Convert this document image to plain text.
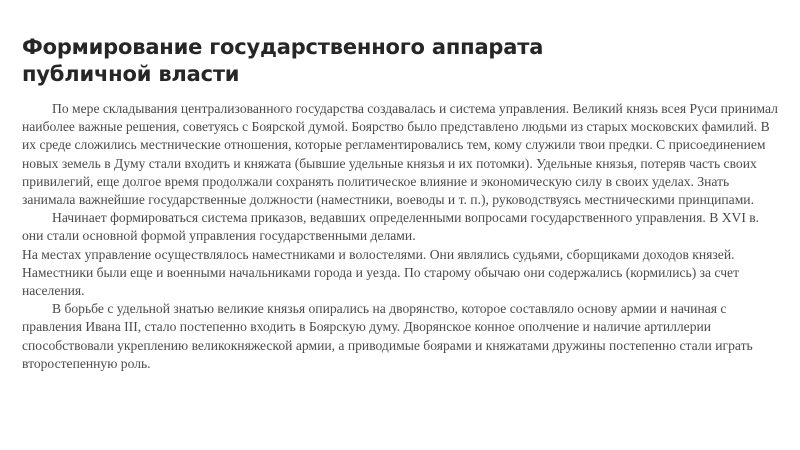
Формирование государственного аппарата
публичной власти

По мере складывания централизованного государства создавалась и система управления. Великий князь всея Руси принимал наиболее важные решения, советуясь с Боярской думой. Боярство было представлено людьми из старых московских фамилий. В их среде сложились местнические отношения, которые регламентировались тем, кому служили твои предки. С присоединением новых земель в Думу стали входить и княжата (бывшие удельные князья и их потомки). Удельные князья, потеряв часть своих привилегий, еще долгое время продолжали сохранять политическое влияние и экономическую силу в своих уделах. Знать занимала важнейшие государственные должности (наместники, воеводы и т. п.), руководствуясь местническими принципами.

Начинает формироваться система приказов, ведавших определенными вопросами государственного управления. В XVI в. они стали основной формой управления государственными делами.

На местах управление осуществлялось наместниками и волостелями. Они являлись судьями, сборщиками доходов князей. Наместники были еще и военными начальниками города и уезда. По старому обычаю они содержались (кормились) за счет населения.

В борьбе с удельной знатью великие князья опирались на дворянство, которое составляло основу армии и начиная с правления Ивана III, стало постепенно входить в Боярскую думу. Дворянское конное ополчение и наличие артиллерии способствовали укреплению великокняжеской армии, а приводимые боярами и княжатами дружины постепенно стали играть второстепенную роль.
